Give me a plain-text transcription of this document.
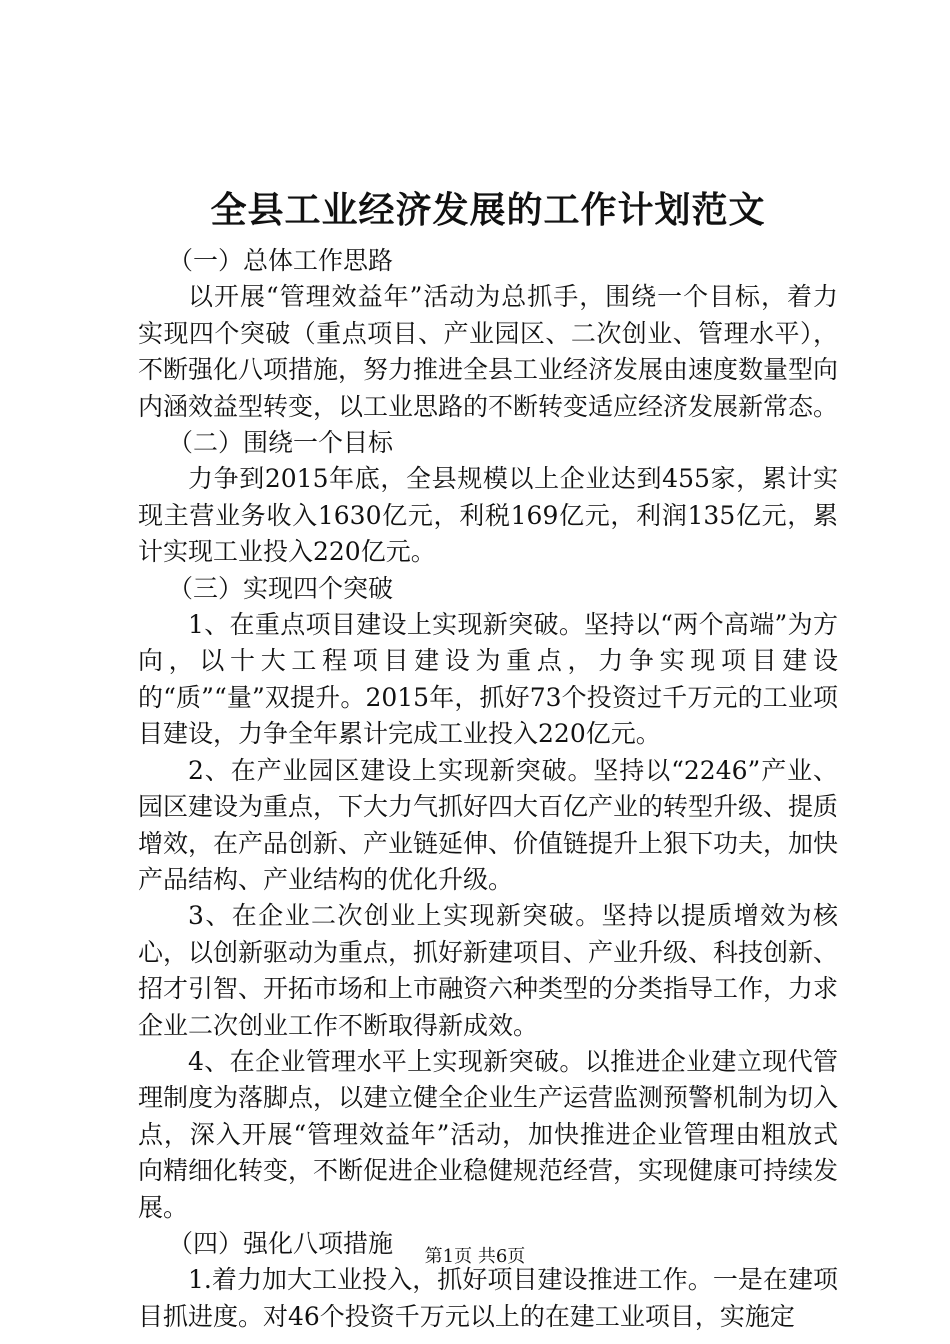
全县工业经济发展的工作计划范文

（一）总体工作思路

以开展“管理效益年”活动为总抓手，围绕一个目标，着力实现四个突破（重点项目、产业园区、二次创业、管理水平），不断强化八项措施，努力推进全县工业经济发展由速度数量型向内涵效益型转变，以工业思路的不断转变适应经济发展新常态。

（二）围绕一个目标

力争到2015年底，全县规模以上企业达到455家，累计实现主营业务收入1630亿元，利税169亿元，利润135亿元，累计实现工业投入220亿元。

（三）实现四个突破

1、在重点项目建设上实现新突破。坚持以“两个高端”为方向，以十大工程项目建设为重点，力争实现项目建设的“质”“量”双提升。2015年，抓好73个投资过千万元的工业项目建设，力争全年累计完成工业投入220亿元。

2、在产业园区建设上实现新突破。坚持以“2246”产业、园区建设为重点，下大力气抓好四大百亿产业的转型升级、提质增效，在产品创新、产业链延伸、价值链提升上狠下功夫，加快产品结构、产业结构的优化升级。

3、在企业二次创业上实现新突破。坚持以提质增效为核心，以创新驱动为重点，抓好新建项目、产业升级、科技创新、招才引智、开拓市场和上市融资六种类型的分类指导工作，力求企业二次创业工作不断取得新成效。

4、在企业管理水平上实现新突破。以推进企业建立现代管理制度为落脚点，以建立健全企业生产运营监测预警机制为切入点，深入开展“管理效益年”活动，加快推进企业管理由粗放式向精细化转变，不断促进企业稳健规范经营，实现健康可持续发展。

（四）强化八项措施

1.着力加大工业投入，抓好项目建设推进工作。一是在建项目抓进度。对46个投资千万元以上的在建工业项目，实施定

第1页 共6页
